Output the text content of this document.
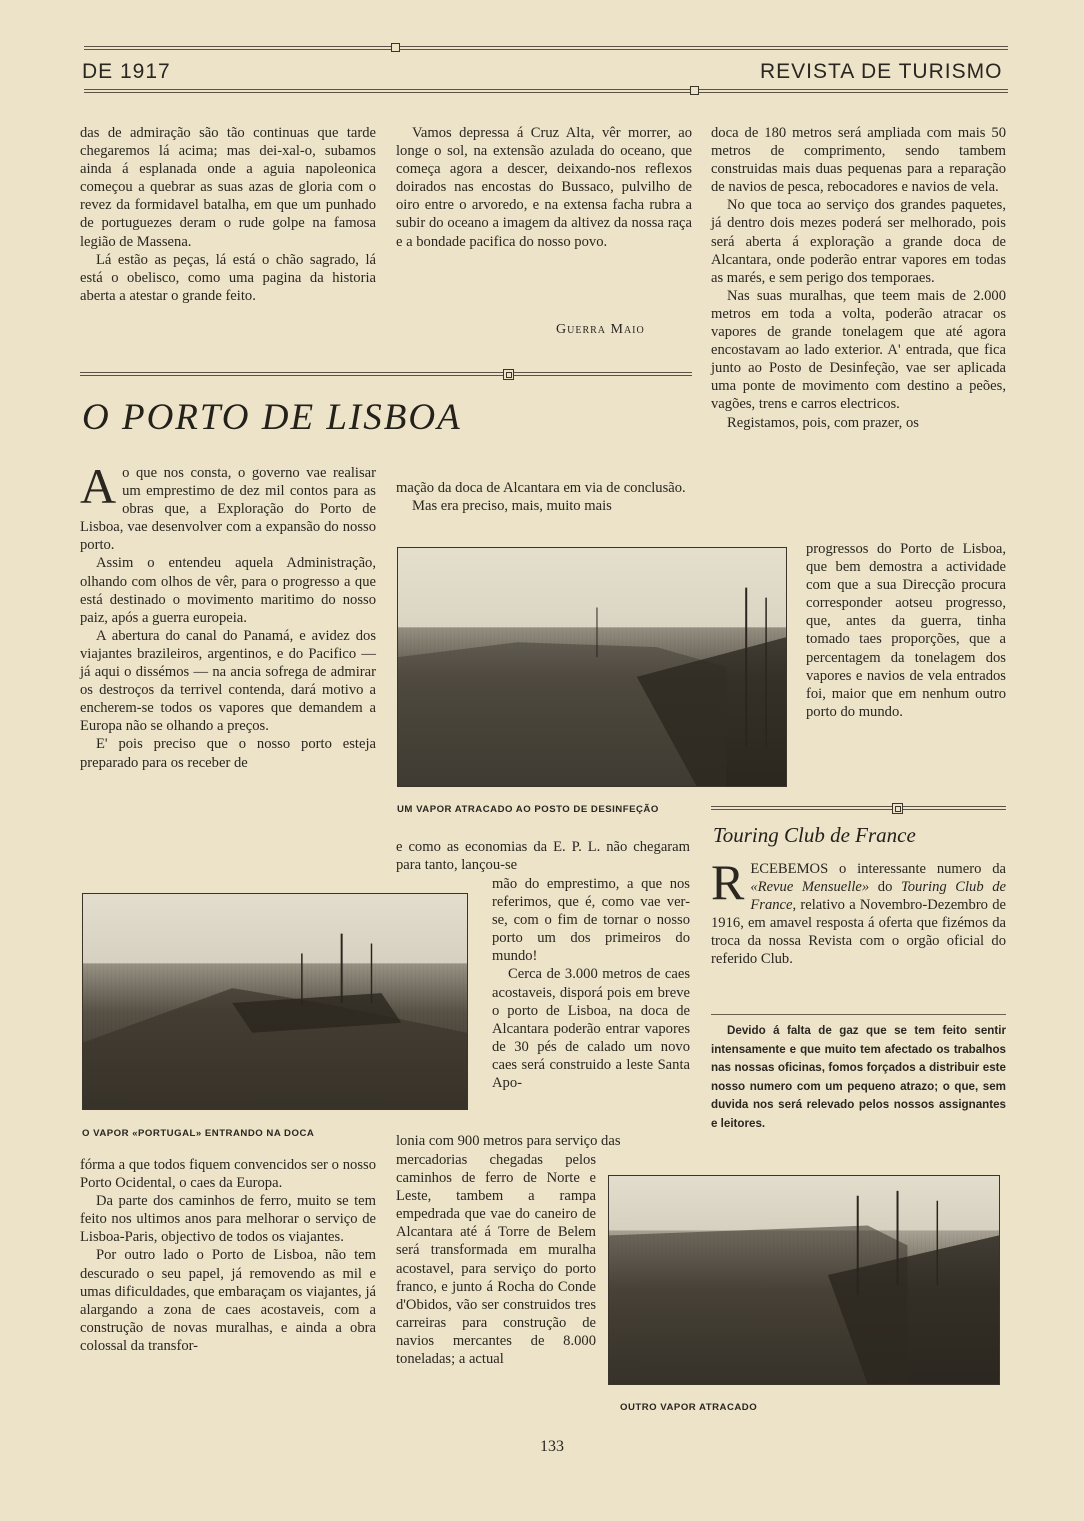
DE 1917	REVISTA DE TURISMO

das de admiração são tão continuas que tarde chegaremos lá acima; mas dei-xal-o, subamos ainda á esplanada onde a aguia napoleonica começou a quebrar as suas azas de gloria com o revez da formidavel batalha, em que um punhado de portuguezes deram o rude golpe na famosa legião de Massena.

Lá estão as peças, lá está o chão sagrado, lá está o obelisco, como uma pagina da historia aberta a atestar o grande feito.

Vamos depressa á Cruz Alta, vêr morrer, ao longe o sol, na extensão azulada do oceano, que começa agora a descer, deixando-nos reflexos doirados nas encostas do Bussaco, pulvilho de oiro entre o arvoredo, e na extensa facha rubra a subir do oceano a imagem da altivez da nossa raça e a bondade pacifica do nosso povo.

Guerra Maio

doca de 180 metros será ampliada com mais 50 metros de comprimento, sendo tambem construidas mais duas pequenas para a reparação de navios de pesca, rebocadores e navios de vela.

No que toca ao serviço dos grandes paquetes, já dentro dois mezes poderá ser melhorado, pois será aberta á exploração a grande doca de Alcantara, onde poderão entrar vapores em todas as marés, e sem perigo dos temporaes.

Nas suas muralhas, que teem mais de 2.000 metros em toda a volta, poderão atracar os vapores de grande tonelagem que até agora encostavam ao lado exterior. A' entrada, que fica junto ao Posto de Desinfeção, vae ser aplicada uma ponte de movimento com destino a peões, vagões, trens e carros electricos.

Registamos, pois, com prazer, os

progressos do Porto de Lisboa, que bem demostra a actividade com que a sua Direcção procura corresponder aotseu progresso, que, antes da guerra, tinha tomado taes proporções, que a percentagem da tonelagem dos vapores e navios de vela entrados foi, maior que em nenhum outro porto do mundo.

O PORTO DE LISBOA

Ao que nos consta, o governo vae realisar um emprestimo de dez mil contos para as obras que, a Exploração do Porto de Lisboa, vae desenvolver com a expansão do nosso porto.

Assim o entendeu aquela Administração, olhando com olhos de vêr, para o progresso a que está destinado o movimento maritimo do nosso paiz, após a guerra europeia.

A abertura do canal do Panamá, e avidez dos viajantes brazileiros, argentinos, e do Pacifico — já aqui o dissémos — na ancia sofrega de admirar os destroços da terrivel contenda, dará motivo a encherem-se todos os vapores que demandem a Europa não se olhando a preços.

E' pois preciso que o nosso porto esteja preparado para os receber de

O VAPOR «PORTUGAL» ENTRANDO NA DOCA

fórma a que todos fiquem convencidos ser o nosso Porto Ocidental, o caes da Europa.

Da parte dos caminhos de ferro, muito se tem feito nos ultimos anos para melhorar o serviço de Lisboa-Paris, objectivo de todos os viajantes.

Por outro lado o Porto de Lisboa, não tem descurado o seu papel, já removendo as mil e umas dificuldades, que embaraçam os viajantes, já alargando a zona de caes acostaveis, com a construção de novas muralhas, e ainda a obra colossal da transfor-

mação da doca de Alcantara em via de conclusão.

Mas era preciso, mais, muito mais

UM VAPOR ATRACADO AO POSTO DE DESINFEÇÃO

e como as economias da E. P. L. não chegaram para tanto, lançou-se

mão do emprestimo, a que nos referimos, que é, como vae ver-se, com o fim de tornar o nosso porto um dos primeiros do mundo!

Cerca de 3.000 metros de caes acostaveis, disporá pois em breve o porto de Lisboa, na doca de Alcantara poderão entrar vapores de 30 pés de calado um novo caes será construido a leste Santa Apo-

lonia com 900 metros para serviço das

mercadorias chegadas pelos caminhos de ferro de Norte e Leste, tambem a rampa empedrada que vae do caneiro de Alcantara até á Torre de Belem será transformada em muralha acostavel, para serviço do porto franco, e junto á Rocha do Conde d'Obidos, vão ser construidos tres carreiras para construção de navios mercantes de 8.000 toneladas; a actual

Touring Club de France

RECEBEMOS o interessante numero da «Revue Mensuelle» do Touring Club de France, relativo a Novembro-Dezembro de 1916, em amavel resposta á oferta que fizémos da troca da nossa Revista com o orgão oficial do referido Club.

Devido á falta de gaz que se tem feito sentir intensamente e que muito tem afectado os trabalhos nas nossas oficinas, fomos forçados a distribuir este nosso numero com um pequeno atrazo; o que, sem duvida nos será relevado pelos nossos assignantes e leitores.

OUTRO VAPOR ATRACADO
133
